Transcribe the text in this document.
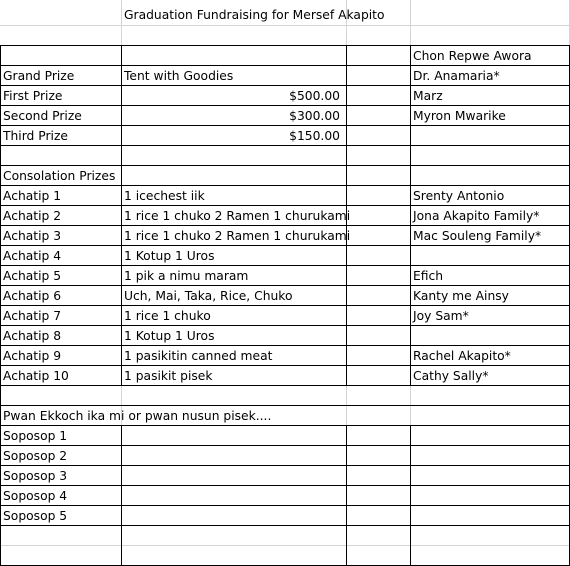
Graduation Fundraising for Mersef Akapito
Chon Repwe Awora
Grand Prize	Tent with Goodies	Dr. Anamaria*
First Prize	$500.00	Marz
Second Prize	$300.00	Myron Mwarike
Third Prize	$150.00
Consolation Prizes
Achatip 1	1 icechest iik	Srenty Antonio
Achatip 2	1 rice 1 chuko 2 Ramen 1 churukami	Jona Akapito Family*
Achatip 3	1 rice 1 chuko 2 Ramen 1 churukami	Mac Souleng Family*
Achatip 4	1 Kotup 1 Uros
Achatip 5	1 pik a nimu maram	Efich
Achatip 6	Uch, Mai, Taka, Rice, Chuko	Kanty me Ainsy
Achatip 7	1 rice 1 chuko	Joy Sam*
Achatip 8	1 Kotup 1 Uros
Achatip 9	1 pasikitin canned meat	Rachel Akapito*
Achatip 10	1 pasikit pisek	Cathy Sally*
Pwan Ekkoch ika mi or pwan nusun pisek....
Soposop 1
Soposop 2
Soposop 3
Soposop 4
Soposop 5
